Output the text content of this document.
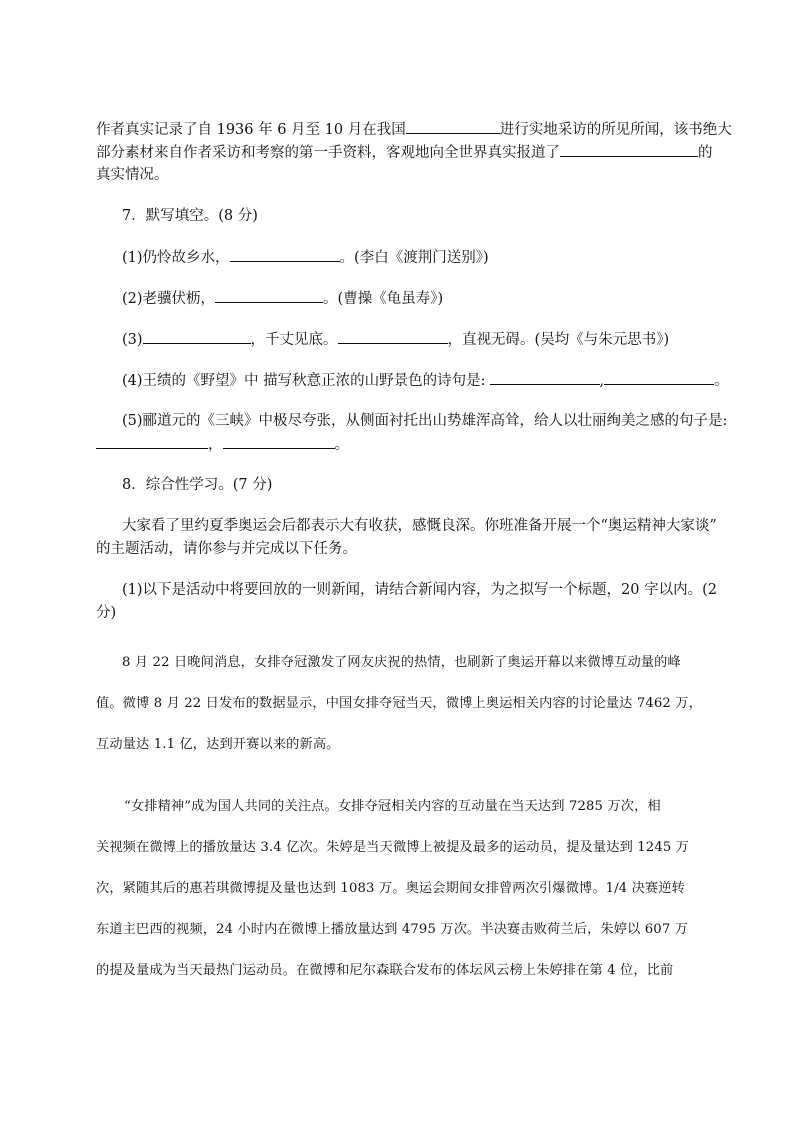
作者真实记录了自 1936 年 6 月至 10 月在我国	进行实地采访的所见所闻，该书绝大
部分素材来自作者采访和考察的第一手资料，客观地向全世界真实报道了	的
真实情况。
7．默写填空。(8 分)
(1)仍怜故乡水，	。(李白《渡荆门送别》)
(2)老骥伏枥，	。(曹操《龟虽寿》)
(3)	，千丈见底。	，直视无碍。(吴均《与朱元思书》)
(4)王绩的《野望》中 描写秋意正浓的山野景色的诗句是:	,	。
(5)郦道元的《三峡》中极尽夸张，从侧面衬托出山势雄浑高耸，给人以壮丽绚美之感的句子是:
，	。
8．综合性学习。(7 分)
大家看了里约夏季奥运会后都表示大有收获，感慨良深。你班准备开展一个“奥运精神大家谈”
的主题活动，请你参与并完成以下任务。
(1)以下是活动中将要回放的一则新闻，请结合新闻内容，为之拟写一个标题，20 字以内。(2
分)
8 月 22 日晚间消息，女排夺冠激发了网友庆祝的热情，也刷新了奥运开幕以来微博互动量的峰
值。微博 8 月 22 日发布的数据显示，中国女排夺冠当天，微博上奥运相关内容的讨论量达 7462 万，
互动量达 1.1 亿，达到开赛以来的新高。
“女排精神”成为国人共同的关注点。女排夺冠相关内容的互动量在当天达到 7285 万次，相
关视频在微博上的播放量达 3.4 亿次。朱婷是当天微博上被提及最多的运动员，提及量达到 1245 万
次，紧随其后的惠若琪微博提及量也达到 1083 万。奥运会期间女排曾两次引爆微博。1/4 决赛逆转
东道主巴西的视频，24 小时内在微博上播放量达到 4795 万次。半决赛击败荷兰后，朱婷以 607 万
的提及量成为当天最热门运动员。在微博和尼尔森联合发布的体坛风云榜上朱婷排在第 4 位，比前
